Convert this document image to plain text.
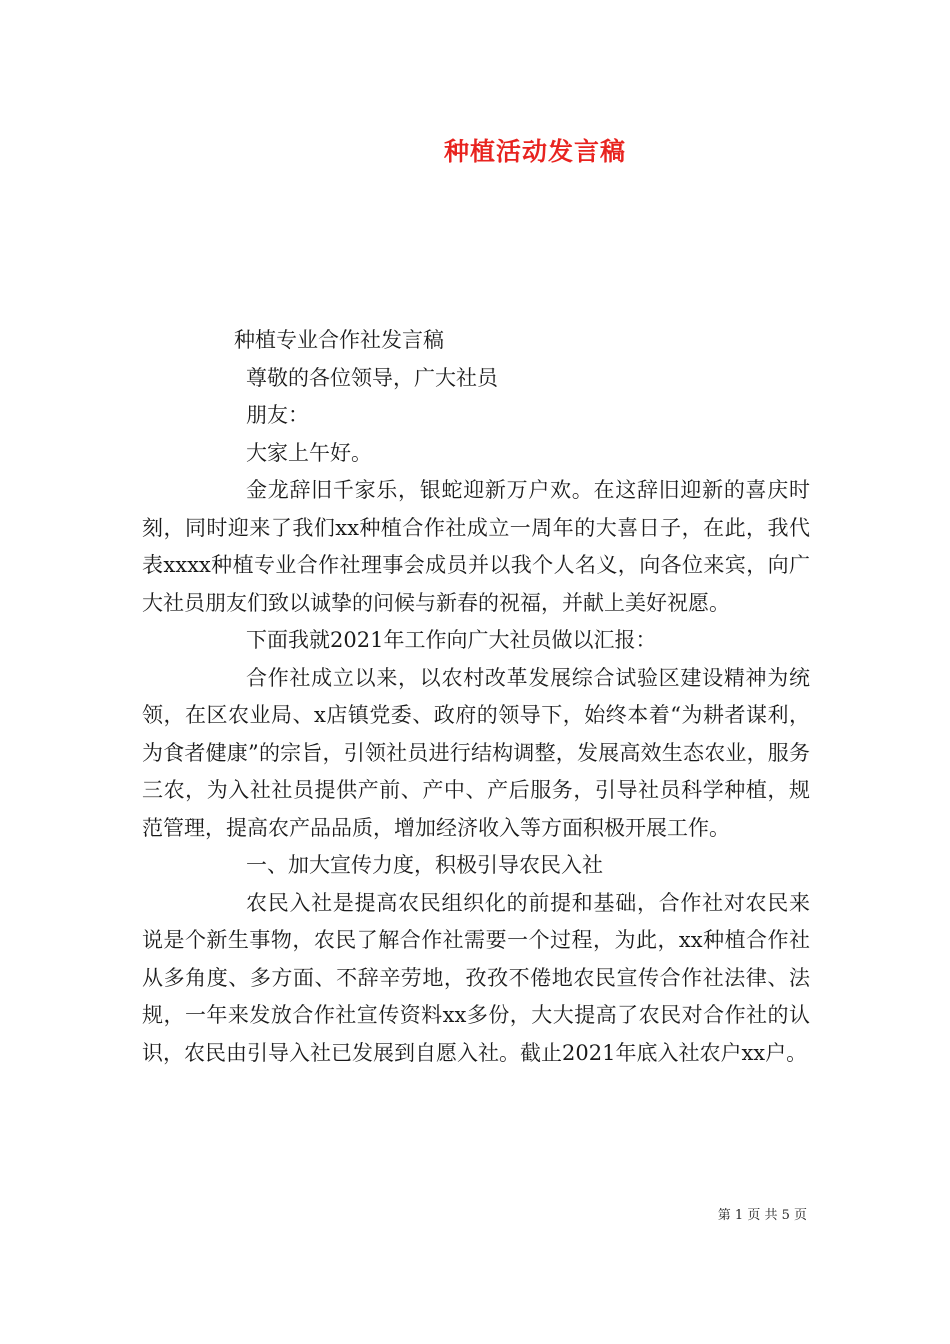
种植活动发言稿
种植专业合作社发言稿
尊敬的各位领导，广大社员
朋友：
大家上午好。

金龙辞旧千家乐，银蛇迎新万户欢。在这辞旧迎新的喜庆时刻，同时迎来了我们xx种植合作社成立一周年的大喜日子，在此，我代表xxxx种植专业合作社理事会成员并以我个人名义，向各位来宾，向广大社员朋友们致以诚挚的问候与新春的祝福，并献上美好祝愿。

下面我就2021年工作向广大社员做以汇报：

合作社成立以来，以农村改革发展综合试验区建设精神为统领，在区农业局、x店镇党委、政府的领导下，始终本着“为耕者谋利，为食者健康”的宗旨，引领社员进行结构调整，发展高效生态农业，服务三农，为入社社员提供产前、产中、产后服务，引导社员科学种植，规范管理，提高农产品品质，增加经济收入等方面积极开展工作。

一、加大宣传力度，积极引导农民入社

农民入社是提高农民组织化的前提和基础，合作社对农民来说是个新生事物，农民了解合作社需要一个过程，为此，xx种植合作社从多角度、多方面、不辞辛劳地，孜孜不倦地农民宣传合作社法律、法规，一年来发放合作社宣传资料xx多份，大大提高了农民对合作社的认识，农民由引导入社已发展到自愿入社。截止2021年底入社农户xx户。

第 1 页 共 5 页
